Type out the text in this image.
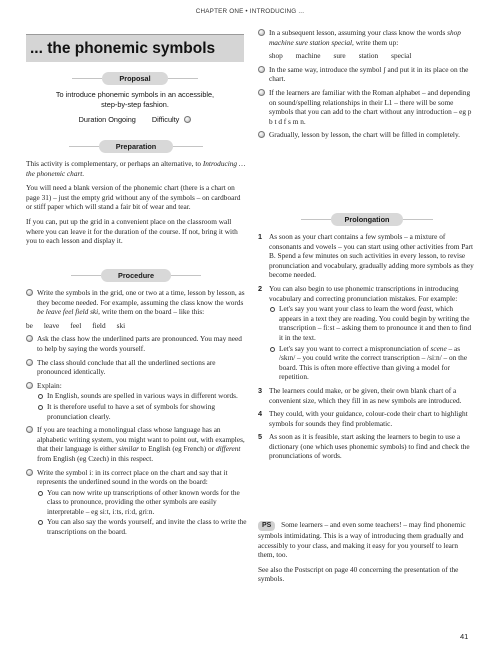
CHAPTER ONE • INTRODUCING ...
... the phonemic symbols
Proposal
To introduce phonemic symbols in an accessible,
step-by-step fashion.
Duration Ongoing Difficulty
Preparation

This activity is complementary, or perhaps an alternative, to Introducing … the phonemic chart.

You will need a blank version of the phonemic chart (there is a chart on page 31) – just the empty grid without any of the symbols – on cardboard or stiff paper which will stand a fair bit of wear and tear.

If you can, put up the grid in a convenient place on the classroom wall where you can leave it for the duration of the course. If not, bring it with you to each lesson and display it.

Procedure
Write the symbols in the grid, one or two at a time, lesson by lesson, as they become needed. For example, assuming the class know the words be leave feel field ski, write them on the board – like this:
be leave feel field ski
Ask the class how the underlined parts are pronounced. You may need to help by saying the words yourself.
The class should conclude that all the underlined sections are pronounced identically.
Explain:
In English, sounds are spelled in various ways in different words.
It is therefore useful to have a set of symbols for showing pronunciation clearly.
If you are teaching a monolingual class whose language has an alphabetic writing system, you might want to point out, with examples, that their language is either similar to English (eg French) or different from English (eg Czech) in this respect.
Write the symbol iː in its correct place on the chart and say that it represents the underlined sound in the words on the board:
You can now write up transcriptions of other known words for the class to pronounce, providing the other symbols are easily interpretable – eg siːt, iːts, riːd, griːn.
You can also say the words yourself, and invite the class to write the transcriptions on the board.
In a subsequent lesson, assuming your class know the words shop machine sure station special, write them up:
shop machine sure station special
In the same way, introduce the symbol ʃ and put it in its place on the chart.
If the learners are familiar with the Roman alphabet – and depending on sound/spelling relationships in their L1 – there will be some symbols that you can add to the chart without any introduction – eg p b t d f s m n.
Gradually, lesson by lesson, the chart will be filled in completely.
Prolongation
1 As soon as your chart contains a few symbols – a mixture of consonants and vowels – you can start using other activities from Part B. Spend a few minutes on such activities in every lesson, to revise pronunciation and vocabulary, gradually adding more symbols as they become needed.
2 You can also begin to use phonemic transcriptions in introducing vocabulary and correcting pronunciation mistakes. For example:
Let's say you want your class to learn the word feast, which appears in a text they are reading. You could begin by writing the transcription – fiːst – asking them to pronounce it and then to find it in the text.
Let's say you want to correct a mispronunciation of scene – as /skɪn/ – you could write the correct transcription – /siːn/ – on the board. This is often more effective than giving a model for repetition.
3 The learners could make, or be given, their own blank chart of a convenient size, which they fill in as new symbols are introduced.
4 They could, with your guidance, colour-code their chart to highlight symbols for sounds they find problematic.
5 As soon as it is feasible, start asking the learners to begin to use a dictionary (one which uses phonemic symbols) to find and check the pronunciations of words.

PS Some learners – and even some teachers! – may find phonemic symbols intimidating. This is a way of introducing them gradually and accessibly to your class, and making it easy for you yourself to learn them, too.

See also the Postscript on page 40 concerning the presentation of the symbols.

41
